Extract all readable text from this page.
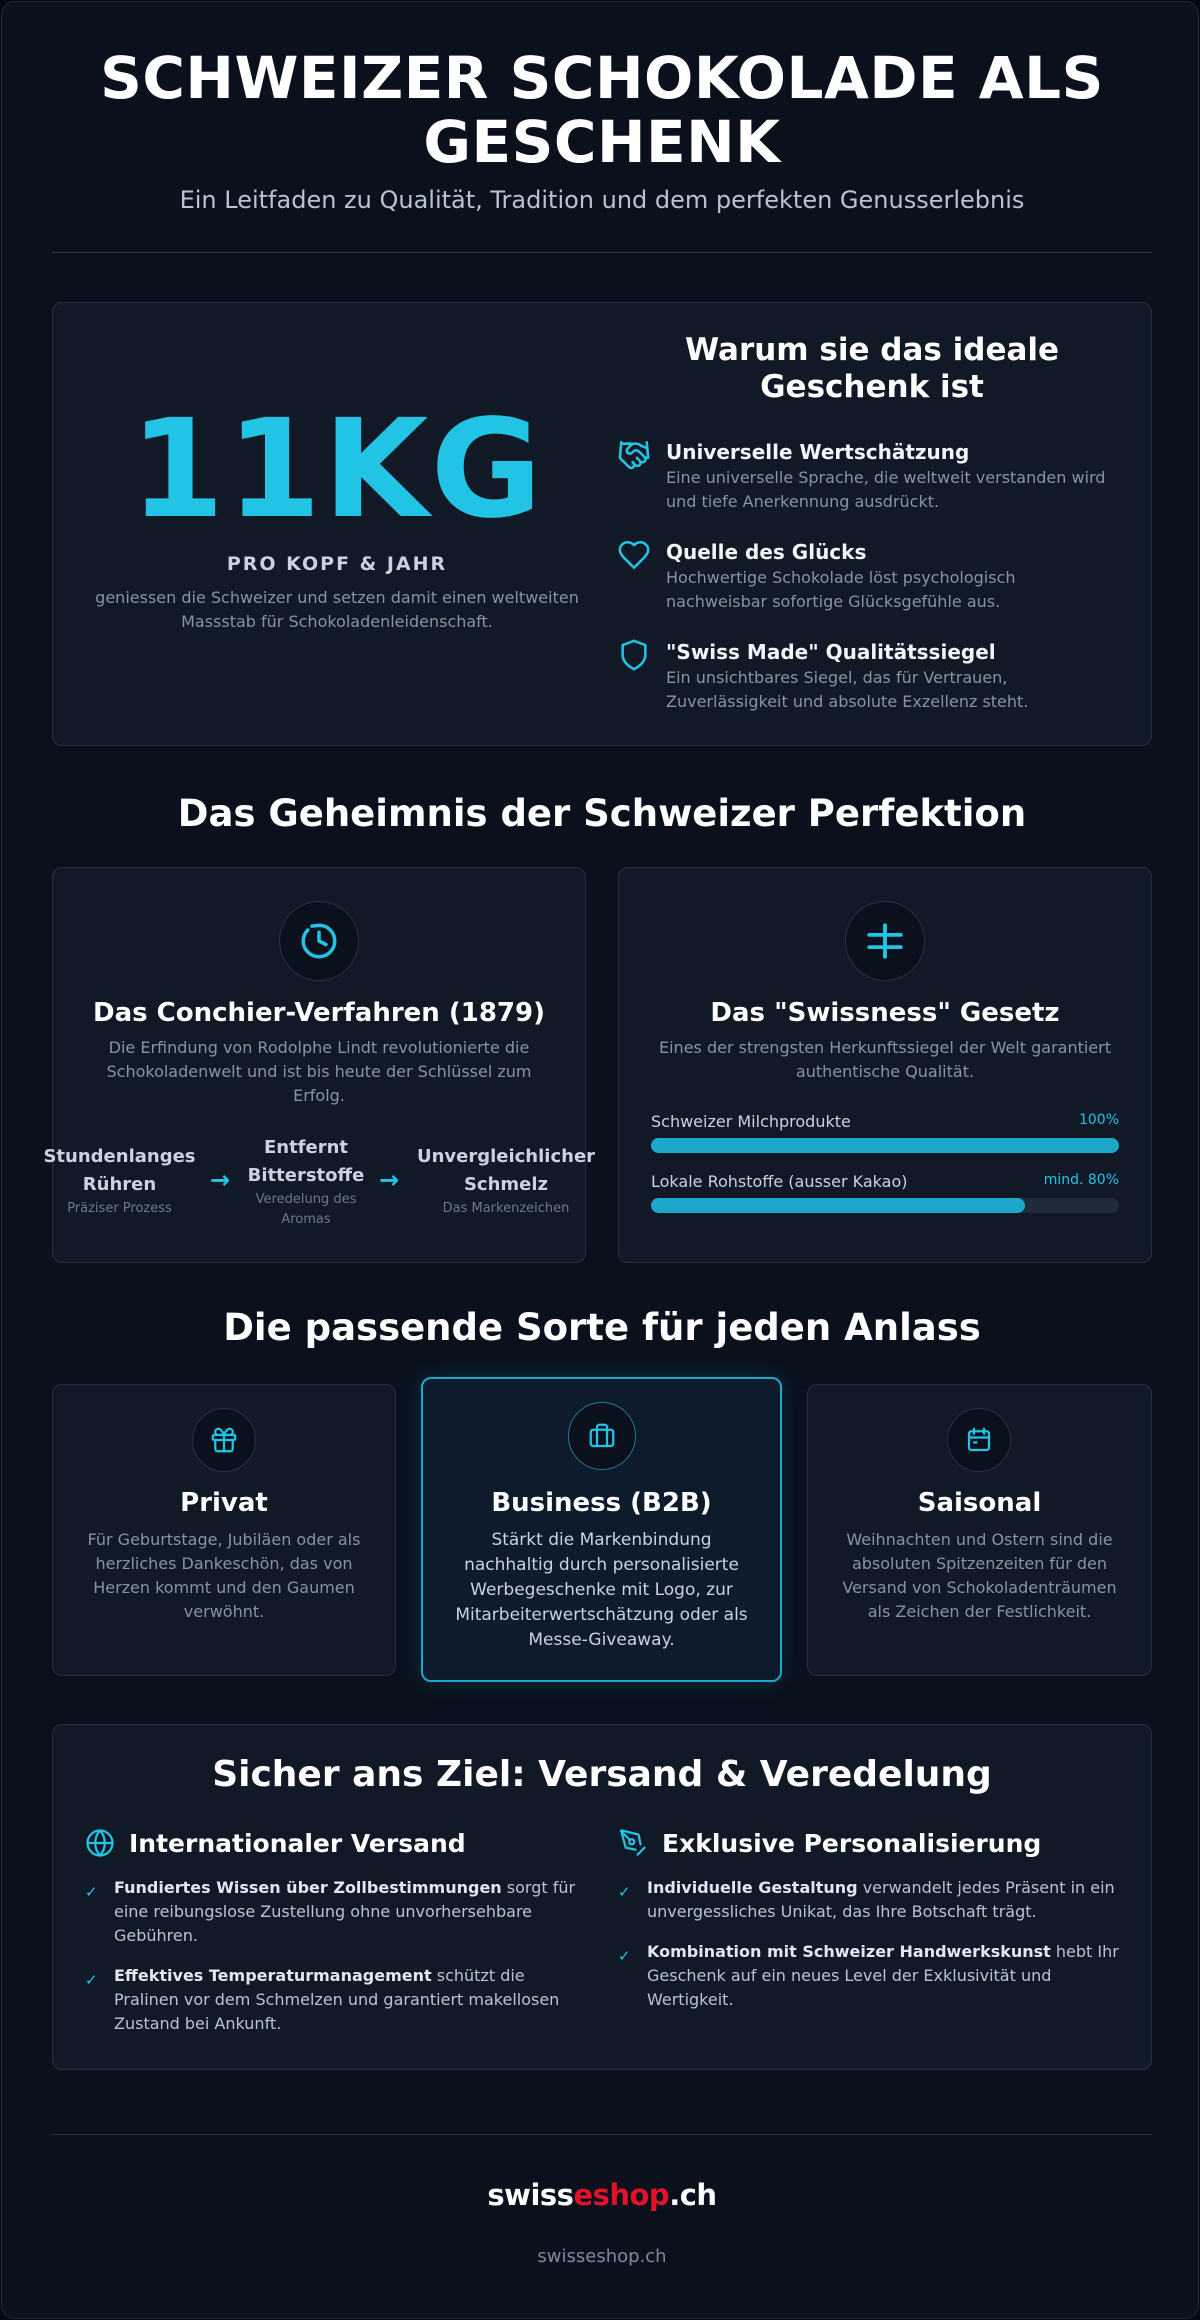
SCHWEIZER SCHOKOLADE ALS
GESCHENK
Ein Leitfaden zu Qualität, Tradition und dem perfekten Genusserlebnis
11KG
PRO KOPF & JAHR
geniessen die Schweizer und setzen damit einen weltweiten Massstab für Schokoladenleidenschaft.
Warum sie das ideale Geschenk ist
Universelle Wertschätzung
Eine universelle Sprache, die weltweit verstanden wird und tiefe Anerkennung ausdrückt.
Quelle des Glücks
Hochwertige Schokolade löst psychologisch nachweisbar sofortige Glücksgefühle aus.
"Swiss Made" Qualitätssiegel
Ein unsichtbares Siegel, das für Vertrauen, Zuverlässigkeit und absolute Exzellenz steht.
Das Geheimnis der Schweizer Perfektion
Das Conchier-Verfahren (1879)
Die Erfindung von Rodolphe Lindt revolutionierte die Schokoladenwelt und ist bis heute der Schlüssel zum Erfolg.
Stundenlanges
Rühren
Präziser Prozess
→
Entfernt
Bitterstoffe
Veredelung des
Aromas
→
Unvergleichlicher
Schmelz
Das Markenzeichen
Das "Swissness" Gesetz
Eines der strengsten Herkunftssiegel der Welt garantiert authentische Qualität.
Schweizer Milchprodukte	100%
Lokale Rohstoffe (ausser Kakao)	mind. 80%
Die passende Sorte für jeden Anlass
Privat
Für Geburtstage, Jubiläen oder als herzliches Dankeschön, das von Herzen kommt und den Gaumen verwöhnt.
Business (B2B)
Stärkt die Markenbindung nachhaltig durch personalisierte Werbegeschenke mit Logo, zur Mitarbeiterwertschätzung oder als Messe-Giveaway.
Saisonal
Weihnachten und Ostern sind die absoluten Spitzenzeiten für den Versand von Schokoladenträumen als Zeichen der Festlichkeit.
Sicher ans Ziel: Versand & Veredelung
Internationaler Versand
✓ Fundiertes Wissen über Zollbestimmungen sorgt für eine reibungslose Zustellung ohne unvorhersehbare Gebühren.
✓ Effektives Temperaturmanagement schützt die Pralinen vor dem Schmelzen und garantiert makellosen Zustand bei Ankunft.
Exklusive Personalisierung
✓ Individuelle Gestaltung verwandelt jedes Präsent in ein unvergessliches Unikat, das Ihre Botschaft trägt.
✓ Kombination mit Schweizer Handwerkskunst hebt Ihr Geschenk auf ein neues Level der Exklusivität und Wertigkeit.
swisseshop.ch
swisseshop.ch
